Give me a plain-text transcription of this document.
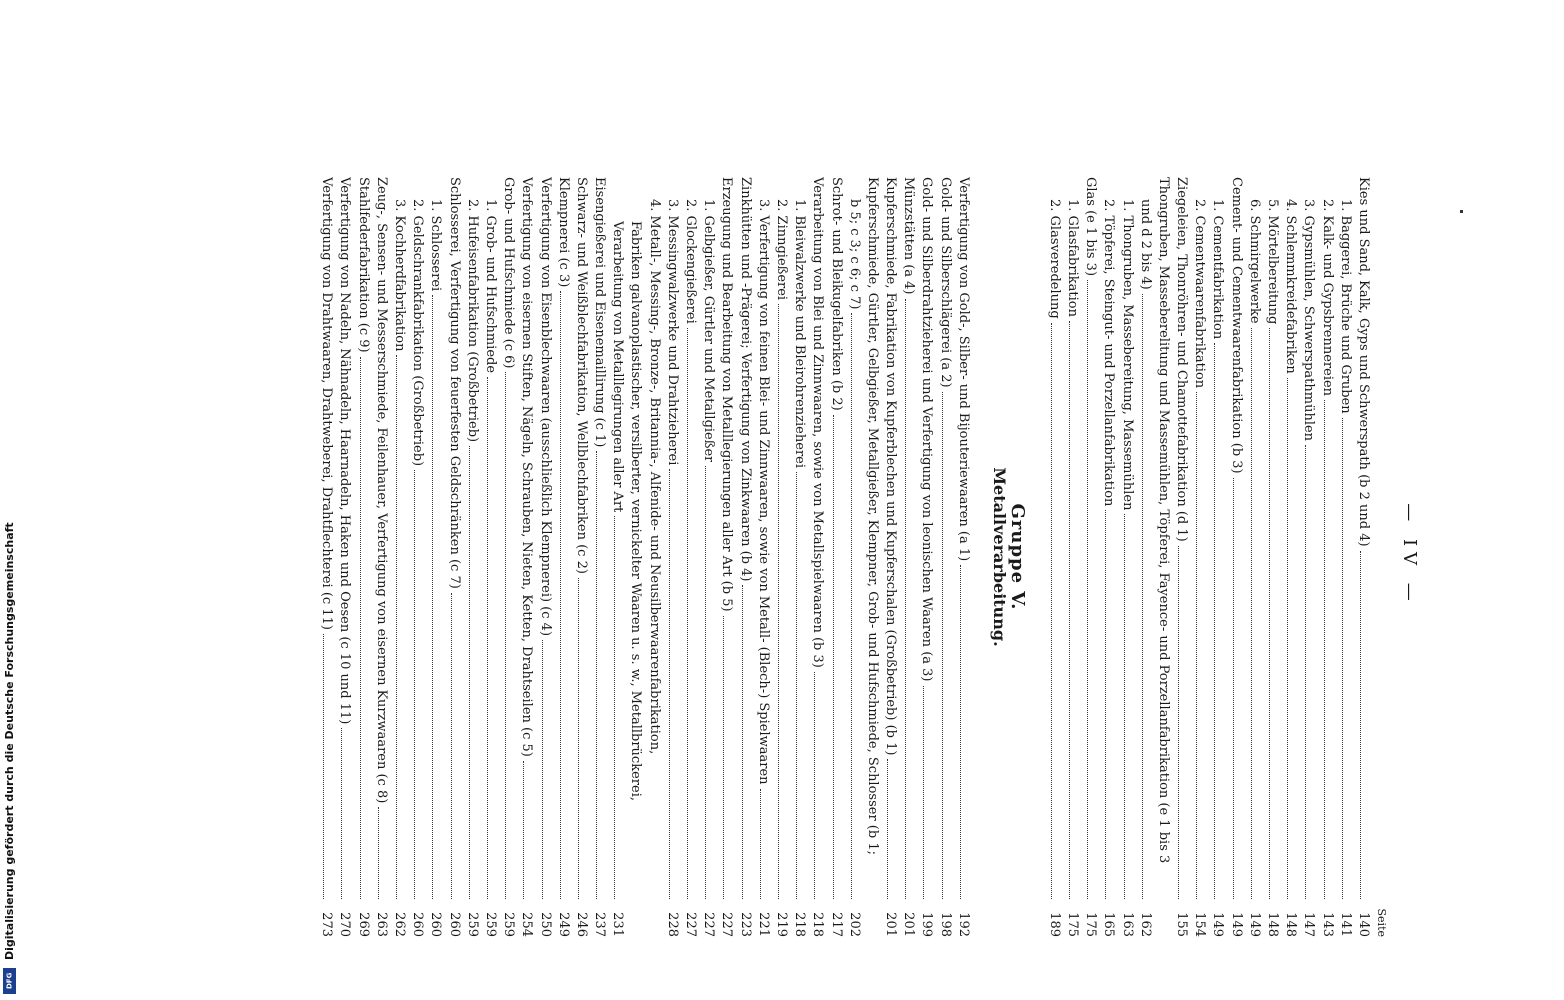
— IV —
Seite
Kies und Sand, Kalk, Gyps und Schwerspath (b 2 und 4)
140
1. Baggerei, Brüche und Gruben
141
2. Kalk- und Gypsbrennereien
143
3. Gypsmühlen, Schwerspathmühlen
147
4. Schlemmkreidefabriken
148
5. Mörtelbereitung
148
6. Schmirgelwerke
149
Cement- und Cementwaarenfabrikation (b 3)
149
1. Cementfabrikation
149
2. Cementwaarenfabrikation
154
Ziegeleien, Thonröhren- und Chamottefabrikation (d 1)
155
Thongruben, Masseberelitung und Massemühlen, Töpferei, Fayence- und Porzellanfabrikation (e 1 bis 3
und d 2 bis 4)
162
1. Thongruben, Massebereitung, Massemühlen
163
2. Töpferei, Steingut- und Porzellanfabrikation
165
Glas (e 1 bis 3)
175
1. Glasfabrikation
175
2. Glasveredelung
189
Gruppe V.
Metallverarbeitung.
Verfertigung von Gold-, Silber- und Bijouteriewaaren (a 1)
192
Gold- und Silberschlägerei (a 2)
198
Gold- und Silberdrahtzieherei und Verfertigung von leonischen Waaren (a 3)
199
Münzstätten (a 4)
201
Kupferschmiede, Fabrikation von Kupferblechen und Kupferschalen (Großbetrieb) (b 1)
201
Kupferschmiede, Gürtler, Gelbgießer, Metallgießer, Klempner, Grob- und Hufschmiede, Schlosser (b 1;
b 5; c 3; c 6; c 7)
202
Schrot- und Bleikugelfabriken (b 2)
217
Verarbeitung von Blei und Zinnwaaren, sowie von Metallspielwaaren (b 3)
218
1. Bleiwalzwerke und Bleirohrenzieherei
218
2. Zinngießerei
219
3. Verfertigung von feinen Blei- und Zinnwaaren, sowie von Metall- (Blech-) Spielwaaren
221
Zinkhütten und -Prägerei; Verfertigung von Zinkwaaren (b 4)
223
Erzeugung und Bearbeitung von Metalllegierungen aller Art (b 5)
227
1. Gelbgießer, Gürtler und Metallgießer
227
2. Glockengießerei
227
3. Messingwalzwerke und Drahtzieherei
228
4. Metall-, Messing-, Bronze-, Britannia-, Alfenide- und Neusilberwaarenfabrikation,
Fabriken galvanoplastischer, versilberter, vernickelter Waaren u. s. w., Metallbrückerei,
Verarbeitung von Metalllegirungen aller Art
231
Eisengießerei und Eisenemaillirung (c 1)
237
Schwarz- und Weißblechfabrikation, Wellblechfabriken (c 2)
246
Klempnerei (c 3)
249
Verfertigung von Eisenblechwaaren (ausschließlich Klempnerei) (c 4)
250
Verfertigung von eisernen Stiften, Nägeln, Schrauben, Nieten, Ketten, Drahtseilen (c 5)
254
Grob- und Hufschmiede (c 6)
259
1. Grob- und Hufschmiede
259
2. Hufeisenfabrikation (Großbetrieb)
259
Schlosserei, Verfertigung von feuerfesten Geldschränken (c 7)
260
1. Schlosserei
260
2. Geldschrankfabrikation (Großbetrieb)
260
3. Kochherdfabrikation
262
Zeug-, Sensen- und Messerschmiede, Feilenhauer, Verfertigung von eisernen Kurzwaaren (c 8)
263
Stahlfederfabrikation (c 9)
269
Verfertigung von Nadeln, Nähnadeln, Haarnadeln, Haken und Oesen (c 10 und 11)
270
Verfertigung von Drahtwaaren, Drahtweberei, Drahtflechterei (c 11)
273
Digitalisierung gefördert durch die Deutsche Forschungsgemeinschaft
DFG
